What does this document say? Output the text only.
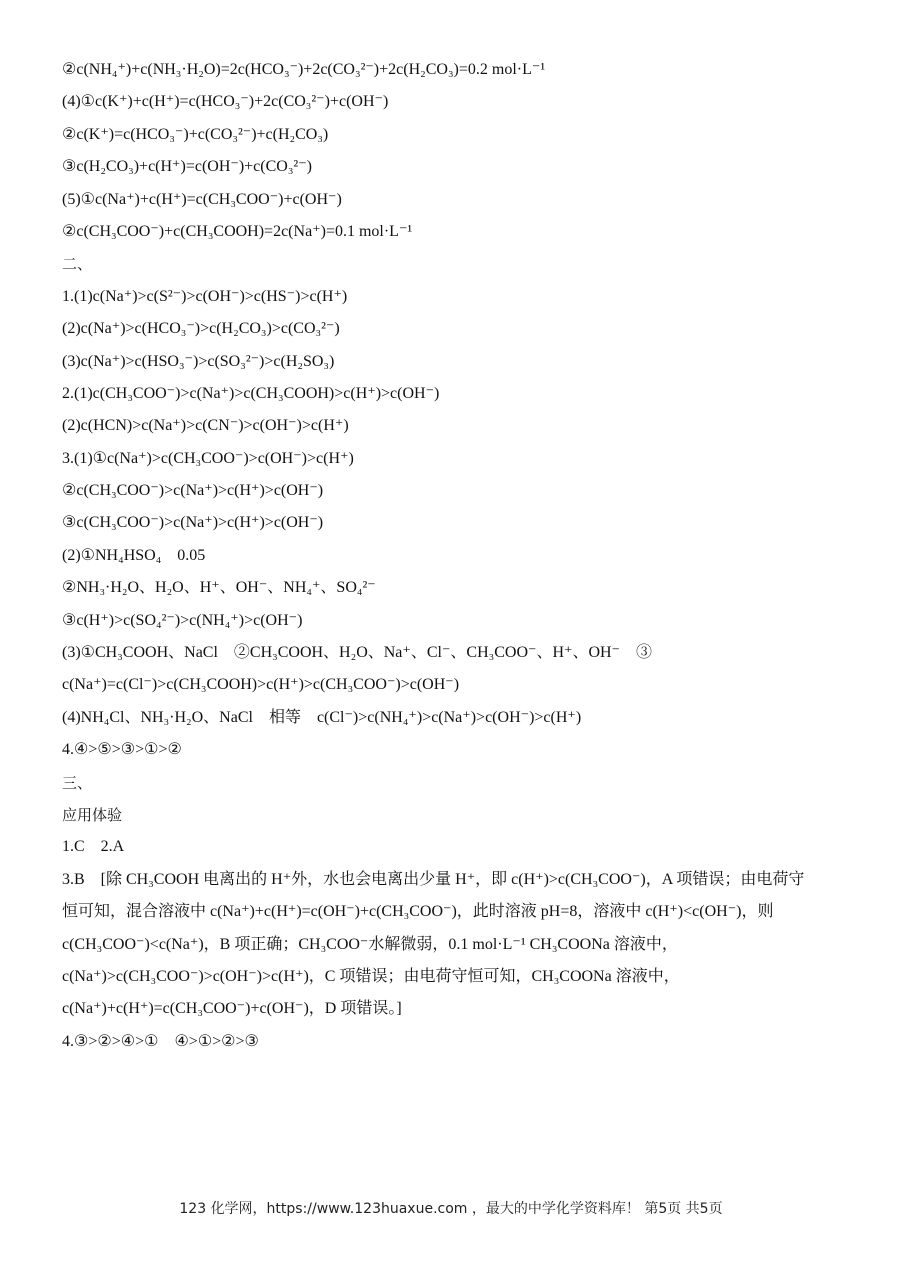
②c(NH₄⁺)+c(NH₃·H₂O)=2c(HCO₃⁻)+2c(CO₃²⁻)+2c(H₂CO₃)=0.2 mol·L⁻¹
(4)①c(K⁺)+c(H⁺)=c(HCO₃⁻)+2c(CO₃²⁻)+c(OH⁻)
②c(K⁺)=c(HCO₃⁻)+c(CO₃²⁻)+c(H₂CO₃)
③c(H₂CO₃)+c(H⁺)=c(OH⁻)+c(CO₃²⁻)
(5)①c(Na⁺)+c(H⁺)=c(CH₃COO⁻)+c(OH⁻)
②c(CH₃COO⁻)+c(CH₃COOH)=2c(Na⁺)=0.1 mol·L⁻¹
二、
1.(1)c(Na⁺)>c(S²⁻)>c(OH⁻)>c(HS⁻)>c(H⁺)
(2)c(Na⁺)>c(HCO₃⁻)>c(H₂CO₃)>c(CO₃²⁻)
(3)c(Na⁺)>c(HSO₃⁻)>c(SO₃²⁻)>c(H₂SO₃)
2.(1)c(CH₃COO⁻)>c(Na⁺)>c(CH₃COOH)>c(H⁺)>c(OH⁻)
(2)c(HCN)>c(Na⁺)>c(CN⁻)>c(OH⁻)>c(H⁺)
3.(1)①c(Na⁺)>c(CH₃COO⁻)>c(OH⁻)>c(H⁺)
②c(CH₃COO⁻)>c(Na⁺)>c(H⁺)>c(OH⁻)
③c(CH₃COO⁻)>c(Na⁺)>c(H⁺)>c(OH⁻)
(2)①NH₄HSO₄　0.05
②NH₃·H₂O、H₂O、H⁺、OH⁻、NH₄⁺、SO₄²⁻
③c(H⁺)>c(SO₄²⁻)>c(NH₄⁺)>c(OH⁻)
(3)①CH₃COOH、NaCl　②CH₃COOH、H₂O、Na⁺、Cl⁻、CH₃COO⁻、H⁺、OH⁻　③
c(Na⁺)=c(Cl⁻)>c(CH₃COOH)>c(H⁺)>c(CH₃COO⁻)>c(OH⁻)
(4)NH₄Cl、NH₃·H₂O、NaCl　相等　c(Cl⁻)>c(NH₄⁺)>c(Na⁺)>c(OH⁻)>c(H⁺)
4.④>⑤>③>①>②
三、
应用体验
1.C　2.A
3.B　[除 CH₃COOH 电离出的 H⁺外，水也会电离出少量 H⁺，即 c(H⁺)>c(CH₃COO⁻)，A 项错误；由电荷守
恒可知，混合溶液中 c(Na⁺)+c(H⁺)=c(OH⁻)+c(CH₃COO⁻)，此时溶液 pH=8，溶液中 c(H⁺)<c(OH⁻)，则
c(CH₃COO⁻)<c(Na⁺)，B 项正确；CH₃COO⁻水解微弱，0.1 mol·L⁻¹ CH₃COONa 溶液中，
c(Na⁺)>c(CH₃COO⁻)>c(OH⁻)>c(H⁺)，C 项错误；由电荷守恒可知，CH₃COONa 溶液中，
c(Na⁺)+c(H⁺)=c(CH₃COO⁻)+c(OH⁻)，D 项错误。]
4.③>②>④>①　④>①>②>③
123 化学网，https://www.123huaxue.com ，最大的中学化学资料库！ 第5页 共5页
